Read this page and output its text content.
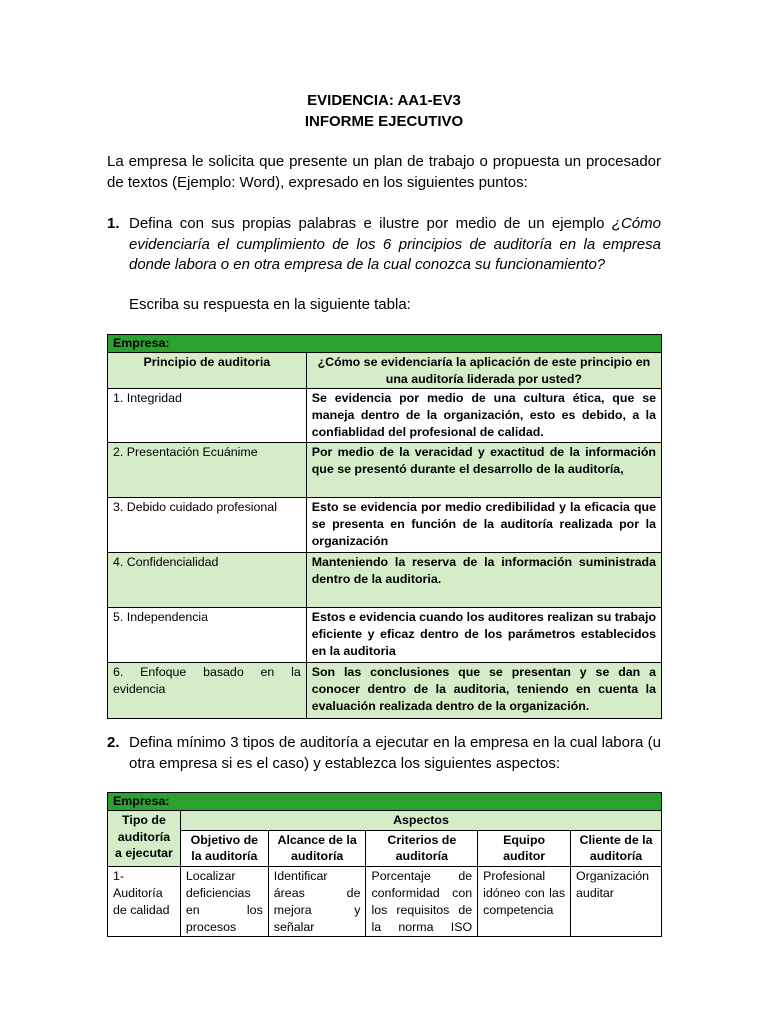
EVIDENCIA: AA1-EV3
INFORME EJECUTIVO
La empresa le solicita que presente un plan de trabajo o propuesta un procesador de textos (Ejemplo: Word), expresado en los siguientes puntos:
1. Defina con sus propias palabras e ilustre por medio de un ejemplo ¿Cómo evidenciaría el cumplimiento de los 6 principios de auditoría en la empresa donde labora o en otra empresa de la cual conozca su funcionamiento?
Escriba su respuesta en la siguiente tabla:
Empresa:	
Principio de auditoria	¿Cómo se evidenciaría la aplicación de este principio en una auditoría liderada por usted?
1. Integridad	Se evidencia por medio de una cultura ética, que se maneja dentro de la organización, esto es debido, a la confiablidad del profesional de calidad.
2. Presentación Ecuánime	Por medio de la veracidad y exactitud de la información que se presentó durante el desarrollo de la auditoría,
3. Debido cuidado profesional	Esto se evidencia por medio credibilidad y la eficacia que se presenta en función de la auditoría realizada por la organización
4. Confidencialidad	Manteniendo la reserva de la información suministrada dentro de la auditoria.
5. Independencia	Estos e evidencia cuando los auditores realizan su trabajo eficiente y eficaz dentro de los parámetros establecidos en la auditoria
6. Enfoque basado en la evidencia	Son las conclusiones que se presentan y se dan a conocer dentro de la auditoria, teniendo en cuenta la evaluación realizada dentro de la organización.
2. Defina mínimo 3 tipos de auditoría a ejecutar en la empresa en la cual labora (u otra empresa si es el caso) y establezca los siguientes aspectos:
Empresa:					
Tipo de auditoría a ejecutar	Aspectos				
	Objetivo de la auditoría	Alcance de la auditoría	Criterios de auditoría	Equipo auditor	Cliente de la auditoría
1- Auditoría de calidad	Localizar deficiencias en los procesos	Identificar áreas de mejora y señalar	Porcentaje de conformidad con los requisitos de la norma ISO	Profesional idóneo con las competencia	Organización auditar
